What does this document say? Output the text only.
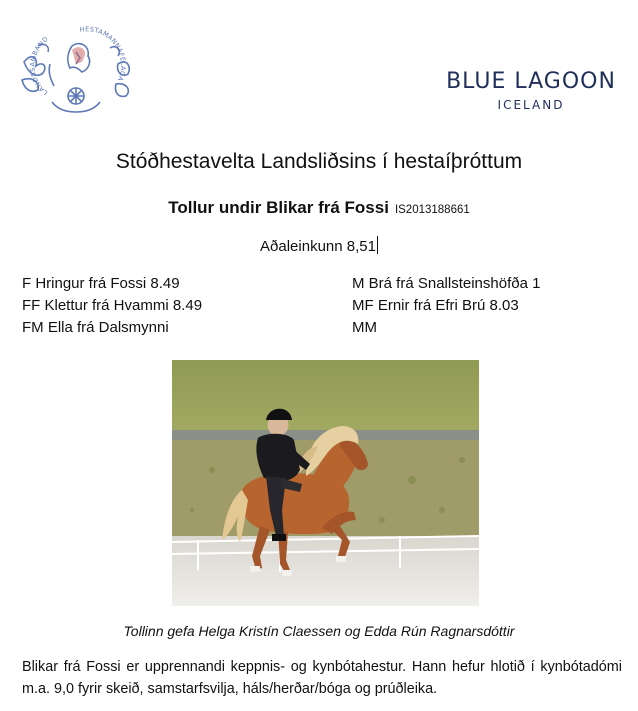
LANDSSAMBAND
HESTAMANNAFÉLAGA	BLUE LAGOON
ICELAND
Stóðhestavelta Landsliðsins í hestaíþróttum
Tollur undir Blikar frá Fossi IS2013188661
Aðaleinkunn 8,51
F Hringur frá Fossi 8.49
FF Klettur frá Hvammi 8.49
FM Ella frá Dalsmynni
M Brá frá Snallsteinshöfða 1
MF Ernir frá Efri Brú 8.03
MM
Tollinn gefa Helga Kristín Claessen og Edda Rún Ragnarsdóttir
Blikar frá Fossi er upprennandi keppnis- og kynbótahestur. Hann hefur hlotið í kynbótadómi m.a. 9,0 fyrir skeið, samstarfsvilja, háls/herðar/bóga og prúðleika.
